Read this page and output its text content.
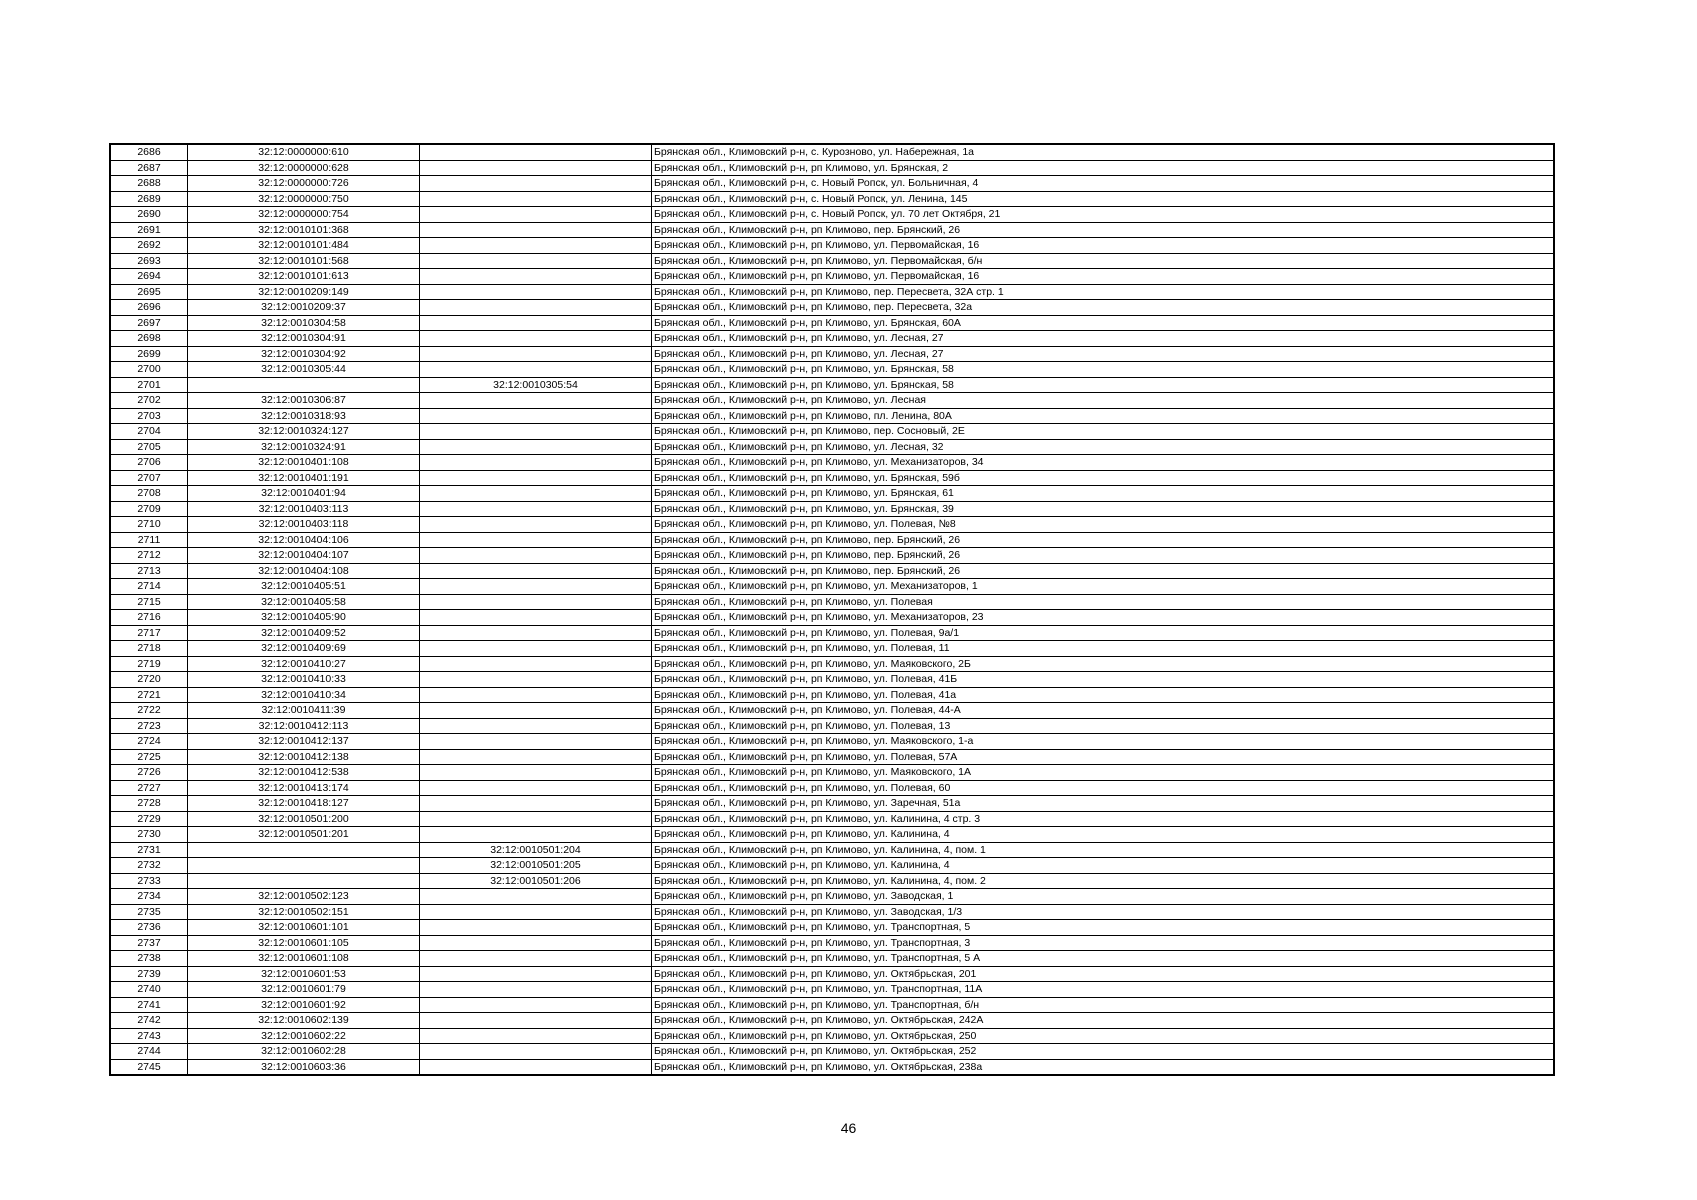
2686	32:12:0000000:610		Брянская обл., Климовский р-н, с. Курознoво, ул. Набережная, 1а
2687	32:12:0000000:628		Брянская обл., Климовский р-н, рп Климово, ул. Брянская, 2
2688	32:12:0000000:726		Брянская обл., Климовский р-н, с. Новый Ропск, ул. Больничная, 4
2689	32:12:0000000:750		Брянская обл., Климовский р-н, с. Новый Ропск, ул. Ленина, 145
2690	32:12:0000000:754		Брянская обл., Климовский р-н, с. Новый Ропск, ул. 70 лет Октября, 21
2691	32:12:0010101:368		Брянская обл., Климовский р-н, рп Климово, пер. Брянский, 26
2692	32:12:0010101:484		Брянская обл., Климовский р-н, рп Климово, ул. Первомайская, 16
2693	32:12:0010101:568		Брянская обл., Климовский р-н, рп Климово, ул. Первомайская, б/н
2694	32:12:0010101:613		Брянская обл., Климовский р-н, рп Климово, ул. Первомайская, 16
2695	32:12:0010209:149		Брянская обл., Климовский р-н, рп Климово, пер. Пересвета, 32А стр. 1
2696	32:12:0010209:37		Брянская обл., Климовский р-н, рп Климово, пер. Пересвета, 32а
2697	32:12:0010304:58		Брянская обл., Климовский р-н, рп Климово, ул. Брянская, 60А
2698	32:12:0010304:91		Брянская обл., Климовский р-н, рп Климово, ул. Лесная, 27
2699	32:12:0010304:92		Брянская обл., Климовский р-н, рп Климово, ул. Лесная, 27
2700	32:12:0010305:44		Брянская обл., Климовский р-н, рп Климово, ул. Брянская, 58
2701		32:12:0010305:54	Брянская обл., Климовский р-н, рп Климово, ул. Брянская, 58
2702	32:12:0010306:87		Брянская обл., Климовский р-н, рп Климово, ул. Лесная
2703	32:12:0010318:93		Брянская обл., Климовский р-н, рп Климово, пл. Ленина, 80А
2704	32:12:0010324:127		Брянская обл., Климовский р-н, рп Климово, пер. Сосновый, 2Е
2705	32:12:0010324:91		Брянская обл., Климовский р-н, рп Климово, ул. Лесная, 32
2706	32:12:0010401:108		Брянская обл., Климовский р-н, рп Климово, ул. Механизаторов, 34
2707	32:12:0010401:191		Брянская обл., Климовский р-н, рп Климово, ул. Брянская, 59б
2708	32:12:0010401:94		Брянская обл., Климовский р-н, рп Климово, ул. Брянская, 61
2709	32:12:0010403:113		Брянская обл., Климовский р-н, рп Климово, ул. Брянская, 39
2710	32:12:0010403:118		Брянская обл., Климовский р-н, рп Климово, ул. Полевая, №8
2711	32:12:0010404:106		Брянская обл., Климовский р-н, рп Климово, пер. Брянский, 26
2712	32:12:0010404:107		Брянская обл., Климовский р-н, рп Климово, пер. Брянский, 26
2713	32:12:0010404:108		Брянская обл., Климовский р-н, рп Климово, пер. Брянский, 26
2714	32:12:0010405:51		Брянская обл., Климовский р-н, рп Климово, ул. Механизаторов, 1
2715	32:12:0010405:58		Брянская обл., Климовский р-н, рп Климово, ул. Полевая
2716	32:12:0010405:90		Брянская обл., Климовский р-н, рп Климово, ул. Механизаторов, 23
2717	32:12:0010409:52		Брянская обл., Климовский р-н, рп Климово, ул. Полевая, 9а/1
2718	32:12:0010409:69		Брянская обл., Климовский р-н, рп Климово, ул. Полевая, 11
2719	32:12:0010410:27		Брянская обл., Климовский р-н, рп Климово, ул. Маяковского, 2Б
2720	32:12:0010410:33		Брянская обл., Климовский р-н, рп Климово, ул. Полевая, 41Б
2721	32:12:0010410:34		Брянская обл., Климовский р-н, рп Климово, ул. Полевая, 41а
2722	32:12:0010411:39		Брянская обл., Климовский р-н, рп Климово, ул. Полевая, 44-А
2723	32:12:0010412:113		Брянская обл., Климовский р-н, рп Климово, ул. Полевая, 13
2724	32:12:0010412:137		Брянская обл., Климовский р-н, рп Климово, ул. Маяковского, 1-а
2725	32:12:0010412:138		Брянская обл., Климовский р-н, рп Климово, ул. Полевая, 57А
2726	32:12:0010412:538		Брянская обл., Климовский р-н, рп Климово, ул. Маяковского, 1А
2727	32:12:0010413:174		Брянская обл., Климовский р-н, рп Климово, ул. Полевая, 60
2728	32:12:0010418:127		Брянская обл., Климовский р-н, рп Климово, ул. Заречная, 51а
2729	32:12:0010501:200		Брянская обл., Климовский р-н, рп Климово, ул. Калинина, 4 стр. 3
2730	32:12:0010501:201		Брянская обл., Климовский р-н, рп Климово, ул. Калинина, 4
2731		32:12:0010501:204	Брянская обл., Климовский р-н, рп Климово, ул. Калинина, 4, пом. 1
2732		32:12:0010501:205	Брянская обл., Климовский р-н, рп Климово, ул. Калинина, 4
2733		32:12:0010501:206	Брянская обл., Климовский р-н, рп Климово, ул. Калинина, 4, пом. 2
2734	32:12:0010502:123		Брянская обл., Климовский р-н, рп Климово, ул. Заводская, 1
2735	32:12:0010502:151		Брянская обл., Климовский р-н, рп Климово, ул. Заводская, 1/3
2736	32:12:0010601:101		Брянская обл., Климовский р-н, рп Климово, ул. Транспортная, 5
2737	32:12:0010601:105		Брянская обл., Климовский р-н, рп Климово, ул. Транспортная, 3
2738	32:12:0010601:108		Брянская обл., Климовский р-н, рп Климово, ул. Транспортная, 5 А
2739	32:12:0010601:53		Брянская обл., Климовский р-н, рп Климово, ул. Октябрьская, 201
2740	32:12:0010601:79		Брянская обл., Климовский р-н, рп Климово, ул. Транспортная, 11А
2741	32:12:0010601:92		Брянская обл., Климовский р-н, рп Климово, ул. Транспортная, б/н
2742	32:12:0010602:139		Брянская обл., Климовский р-н, рп Климово, ул. Октябрьская, 242А
2743	32:12:0010602:22		Брянская обл., Климовский р-н, рп Климово, ул. Октябрьская, 250
2744	32:12:0010602:28		Брянская обл., Климовский р-н, рп Климово, ул. Октябрьская, 252
2745	32:12:0010603:36		Брянская обл., Климовский р-н, рп Климово, ул. Октябрьская, 238а
46
